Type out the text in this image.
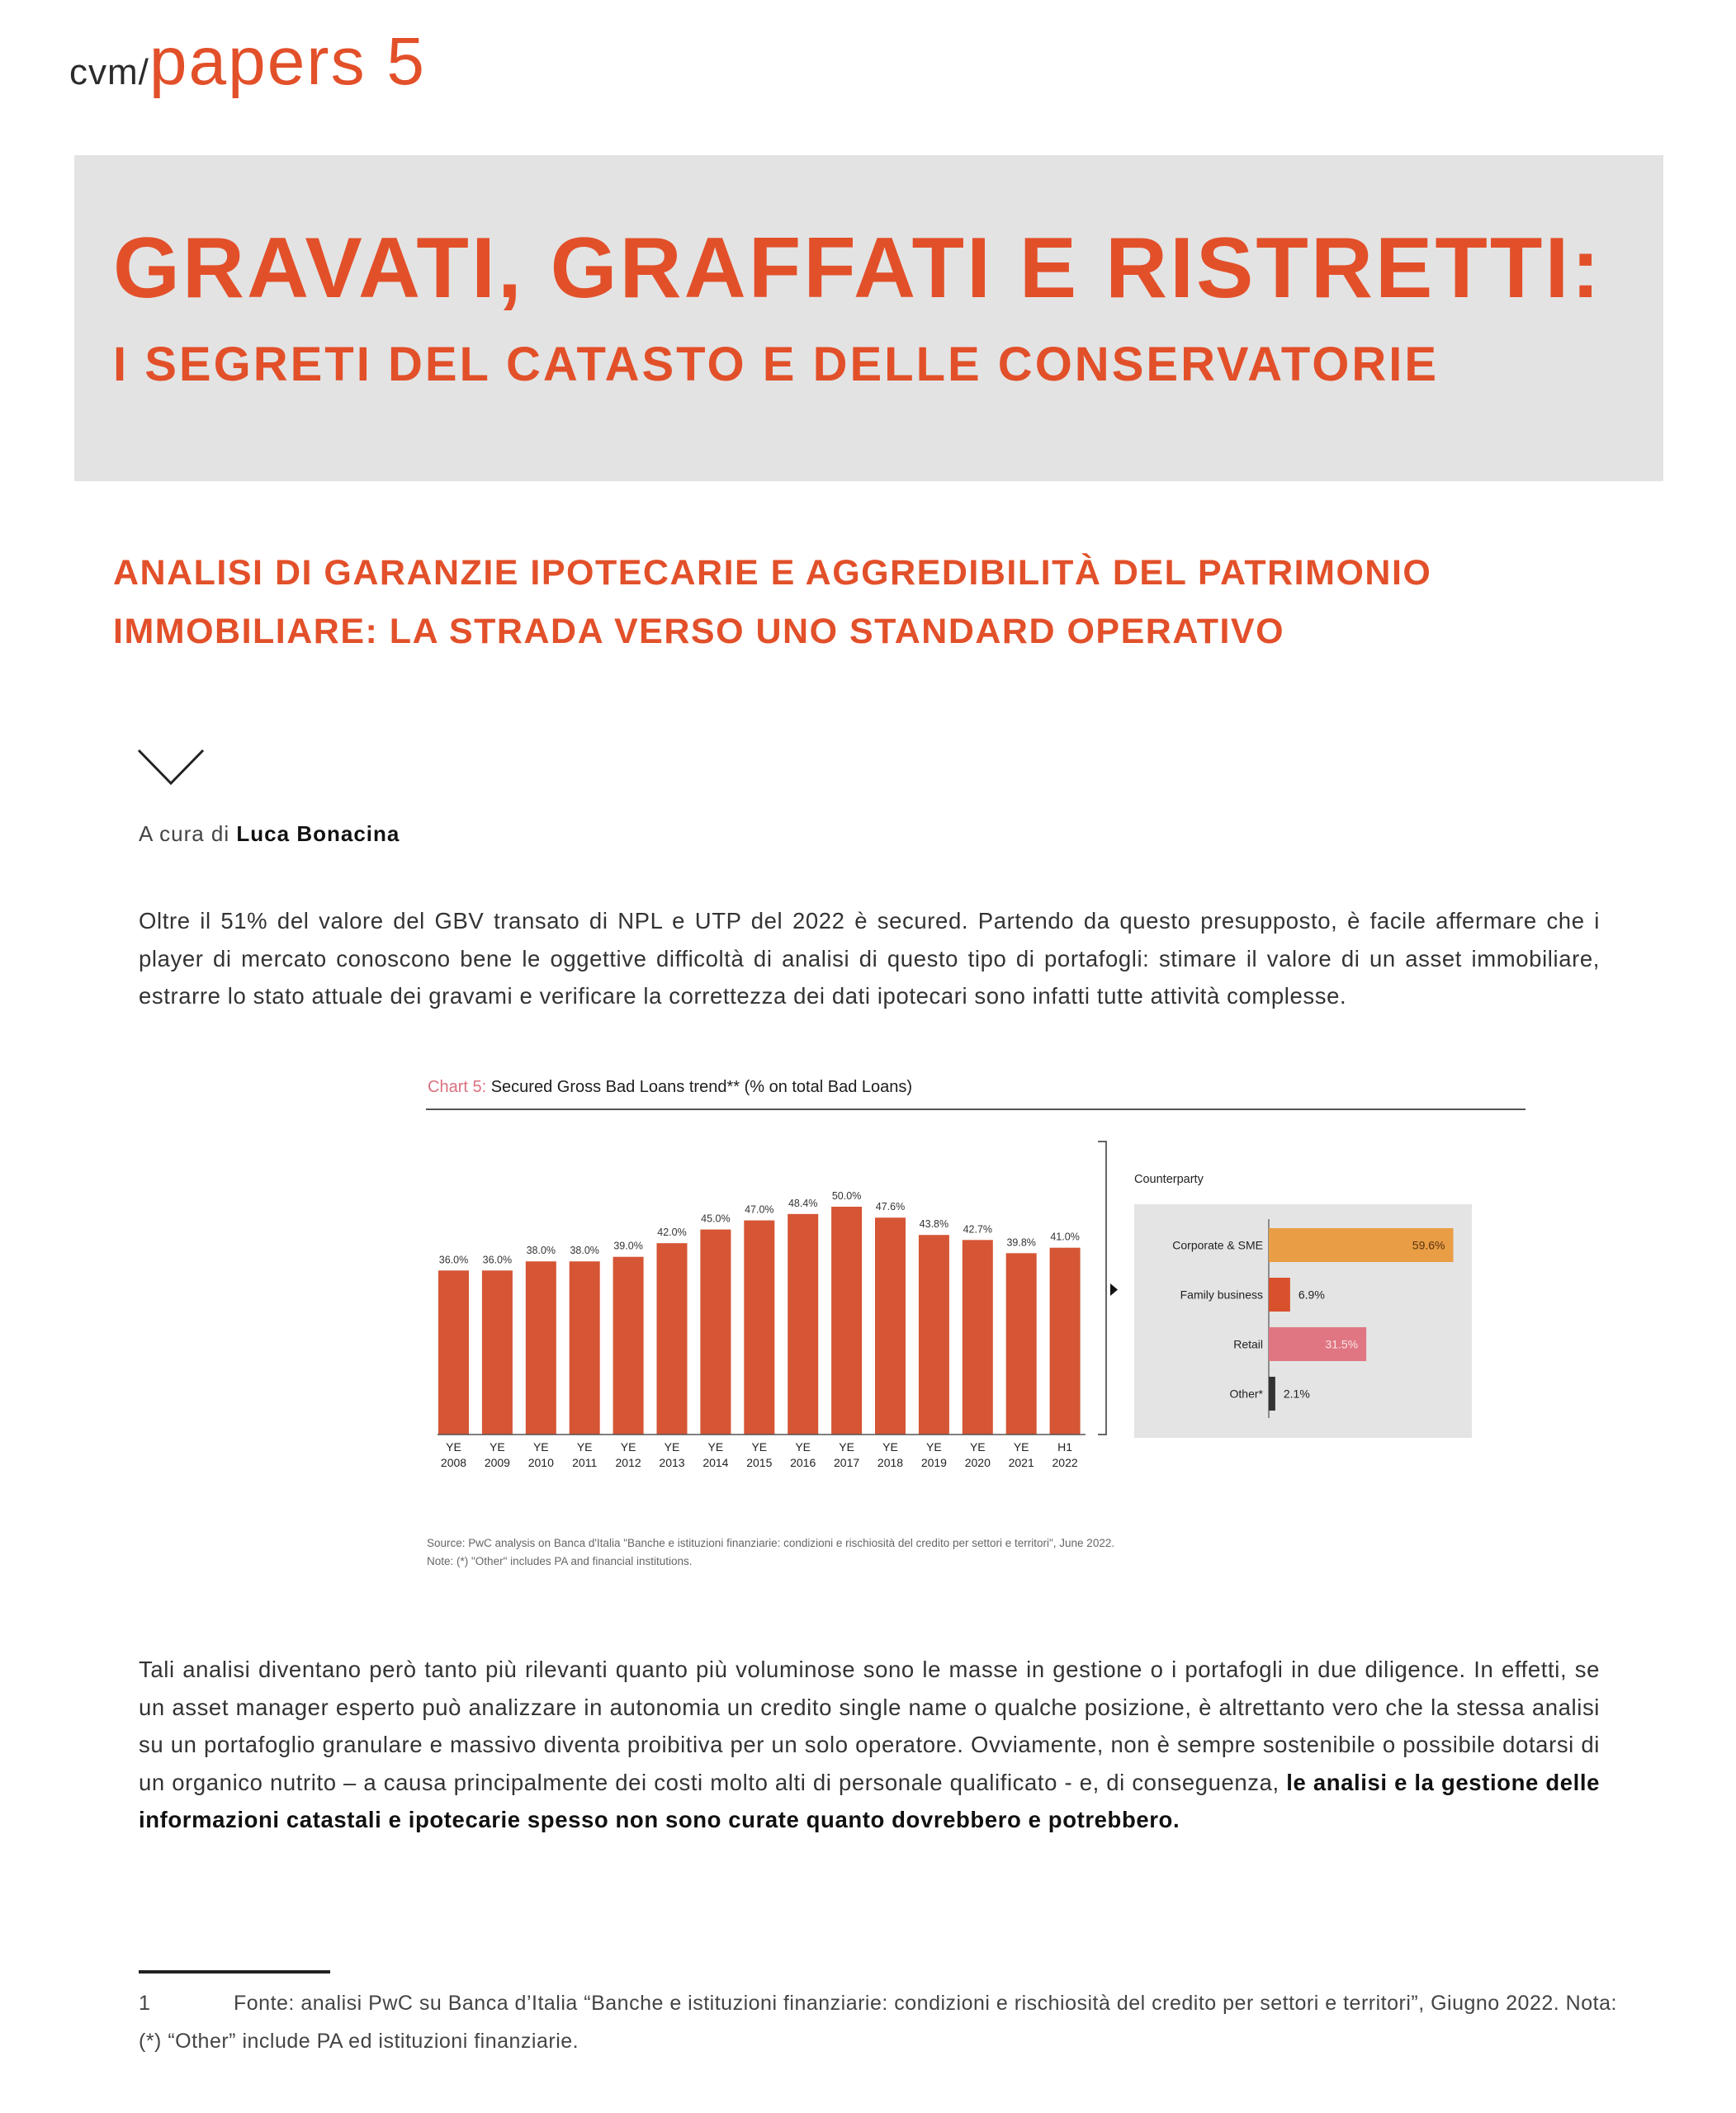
cvm/papers 5
GRAVATI, GRAFFATI E RISTRETTI:
I SEGRETI DEL CATASTO E DELLE CONSERVATORIE
ANALISI DI GARANZIE IPOTECARIE E AGGREDIBILITÀ DEL PATRIMONIO
IMMOBILIARE: LA STRADA VERSO UNO STANDARD OPERATIVO
A cura di Luca Bonacina
Oltre il 51% del valore del GBV transato di NPL e UTP del 2022 è secured. Partendo da questo presupposto, è facile affermare che i player di mercato conoscono bene le oggettive difficoltà di analisi di questo tipo di portafogli: stimare il valore di un asset immobiliare, estrarre lo stato attuale dei gravami e verificare la correttezza dei dati ipotecari sono infatti tutte attività complesse.
Chart 5: Secured Gross Bad Loans trend** (% on total Bad Loans)
36.0% 36.0%
38.0% 38.0% 39.0%
42.0%
45.0%
47.0%
48.4%
50.0%
47.6%
43.8% 42.7%
39.8% 41.0%
YE
2008
YE
2009
YE
2010
YE
2011
YE
2012
YE
2013
YE
2014
YE
2015
YE
2016
YE
2017
YE
2018
YE
2019
YE
2020
YE
2021
H1
2022
Counterparty
Corporate & SME	59.6%
Family business	6.9%
Retail	31.5%
Other* 2.1%
Source: PwC analysis on Banca d'Italia "Banche e istituzioni finanziarie: condizioni e rischiosità del credito per settori e territori", June 2022.
Note: (*) "Other" includes PA and financial institutions.
Tali analisi diventano però tanto più rilevanti quanto più voluminose sono le masse in gestione o i portafogli in due diligence. In effetti, se un asset manager esperto può analizzare in autonomia un credito single name o qualche posizione, è altrettanto vero che la stessa analisi su un portafoglio granulare e massivo diventa proibitiva per un solo operatore. Ovviamente, non è sempre sostenibile o possibile dotarsi di un organico nutrito – a causa principalmente dei costi molto alti di personale qualificato - e, di conseguenza, le analisi e la gestione delle informazioni catastali e ipotecarie spesso non sono curate quanto dovrebbero e potrebbero.
1	Fonte: analisi PwC su Banca d’Italia “Banche e istituzioni finanziarie: condizioni e rischiosità del credito per settori e territori”, Giugno 2022. Nota: (*) “Other” include PA ed istituzioni finanziarie.
